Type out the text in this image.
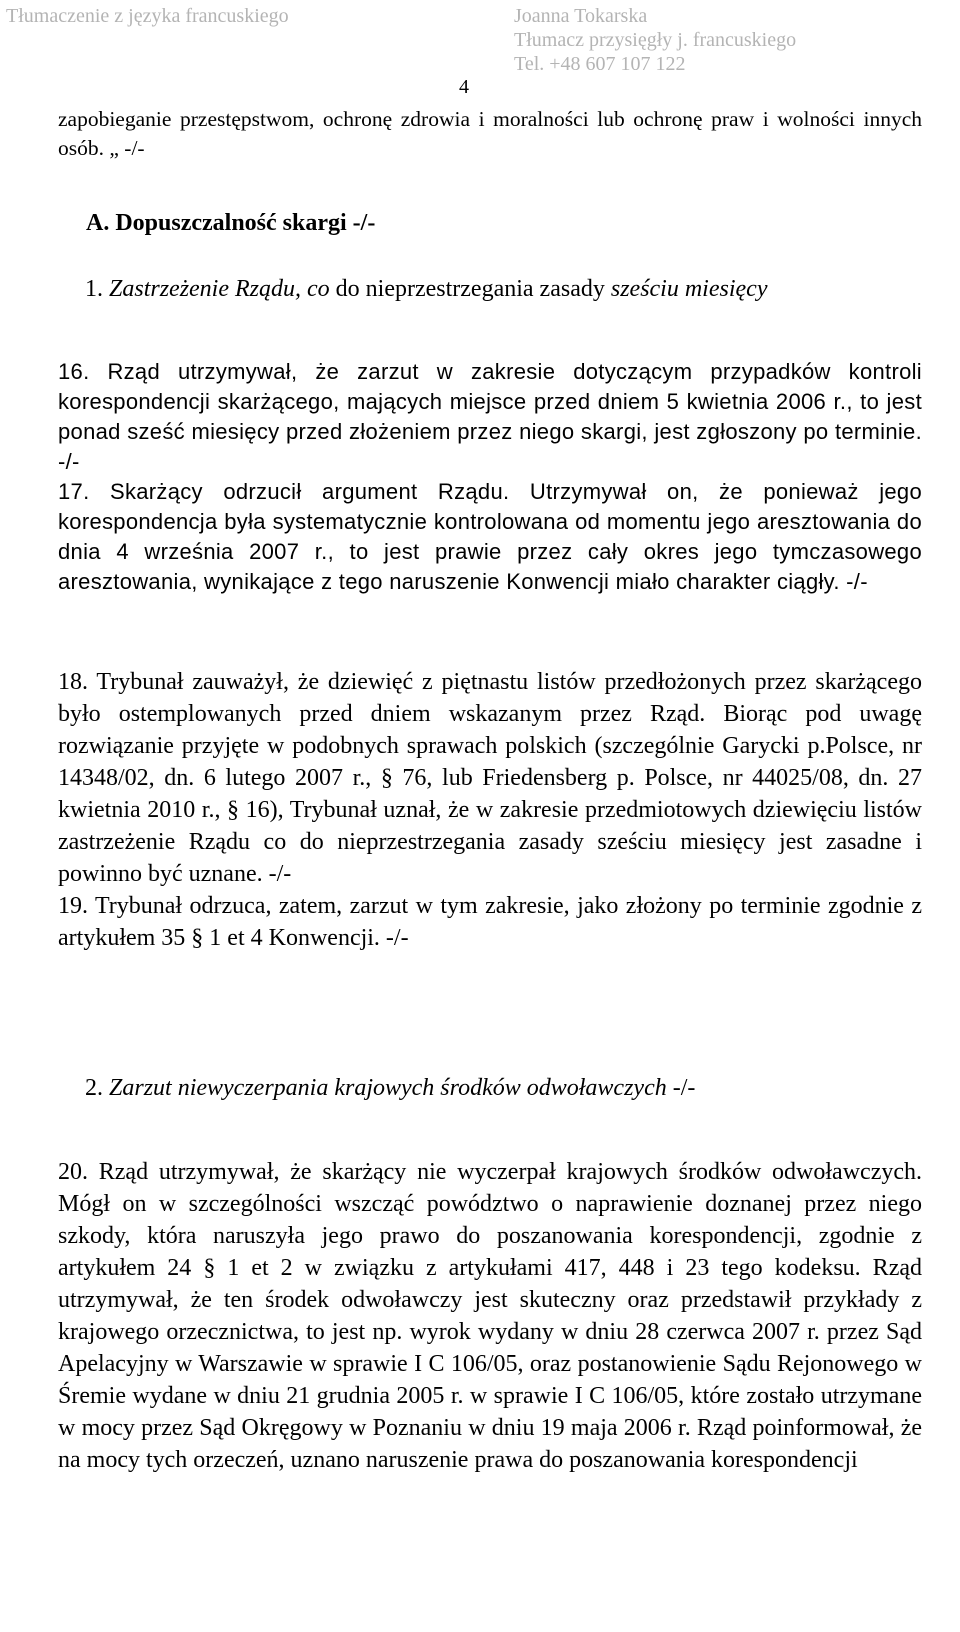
Tłumaczenie z języka francuskiego	Joanna Tokarska
Tłumacz przysięgły j. francuskiego
Tel. +48 607 107 122
4
zapobieganie przestępstwom, ochronę zdrowia i moralności lub ochronę praw i wolności innych osób. „ -/-
A. Dopuszczalność skargi -/-
1. Zastrzeżenie Rządu, co do nieprzestrzegania zasady sześciu miesięcy

16. Rząd utrzymywał, że zarzut w zakresie dotyczącym przypadków kontroli korespondencji skarżącego, mających miejsce przed dniem 5 kwietnia 2006 r., to jest ponad sześć miesięcy przed złożeniem przez niego skargi, jest zgłoszony po terminie. -/-

17. Skarżący odrzucił argument Rządu. Utrzymywał on, że ponieważ jego korespondencja była systematycznie kontrolowana od momentu jego aresztowania do dnia 4 września 2007 r., to jest prawie przez cały okres jego tymczasowego aresztowania, wynikające z tego naruszenie Konwencji miało charakter ciągły. -/-

18. Trybunał zauważył, że dziewięć z piętnastu listów przedłożonych przez skarżącego było ostemplowanych przed dniem wskazanym przez Rząd. Biorąc pod uwagę rozwiązanie przyjęte w podobnych sprawach polskich (szczególnie Garycki p.Polsce, nr 14348/02, dn. 6 lutego 2007 r., § 76, lub Friedensberg p. Polsce, nr 44025/08, dn. 27 kwietnia 2010 r., § 16), Trybunał uznał, że w zakresie przedmiotowych dziewięciu listów zastrzeżenie Rządu co do nieprzestrzegania zasady sześciu miesięcy jest zasadne i powinno być uznane. -/-

19. Trybunał odrzuca, zatem, zarzut w tym zakresie, jako złożony po terminie zgodnie z artykułem 35 § 1 et 4 Konwencji. -/-

2. Zarzut niewyczerpania krajowych środków odwoławczych -/-
20. Rząd utrzymywał, że skarżący nie wyczerpał krajowych środków odwoławczych. Mógł on w szczególności wszcząć powództwo o naprawienie doznanej przez niego szkody, która naruszyła jego prawo do poszanowania korespondencji, zgodnie z artykułem 24 § 1 et 2 w związku z artykułami 417, 448 i 23 tego kodeksu. Rząd utrzymywał, że ten środek odwoławczy jest skuteczny oraz przedstawił przykłady z krajowego orzecznictwa, to jest np. wyrok wydany w dniu 28 czerwca 2007 r. przez Sąd Apelacyjny w Warszawie w sprawie I C 106/05, oraz postanowienie Sądu Rejonowego w Śremie wydane w dniu 21 grudnia 2005 r. w sprawie I C 106/05, które zostało utrzymane w mocy przez Sąd Okręgowy w Poznaniu w dniu 19 maja 2006 r. Rząd poinformował, że na mocy tych orzeczeń, uznano naruszenie prawa do poszanowania korespondencji
